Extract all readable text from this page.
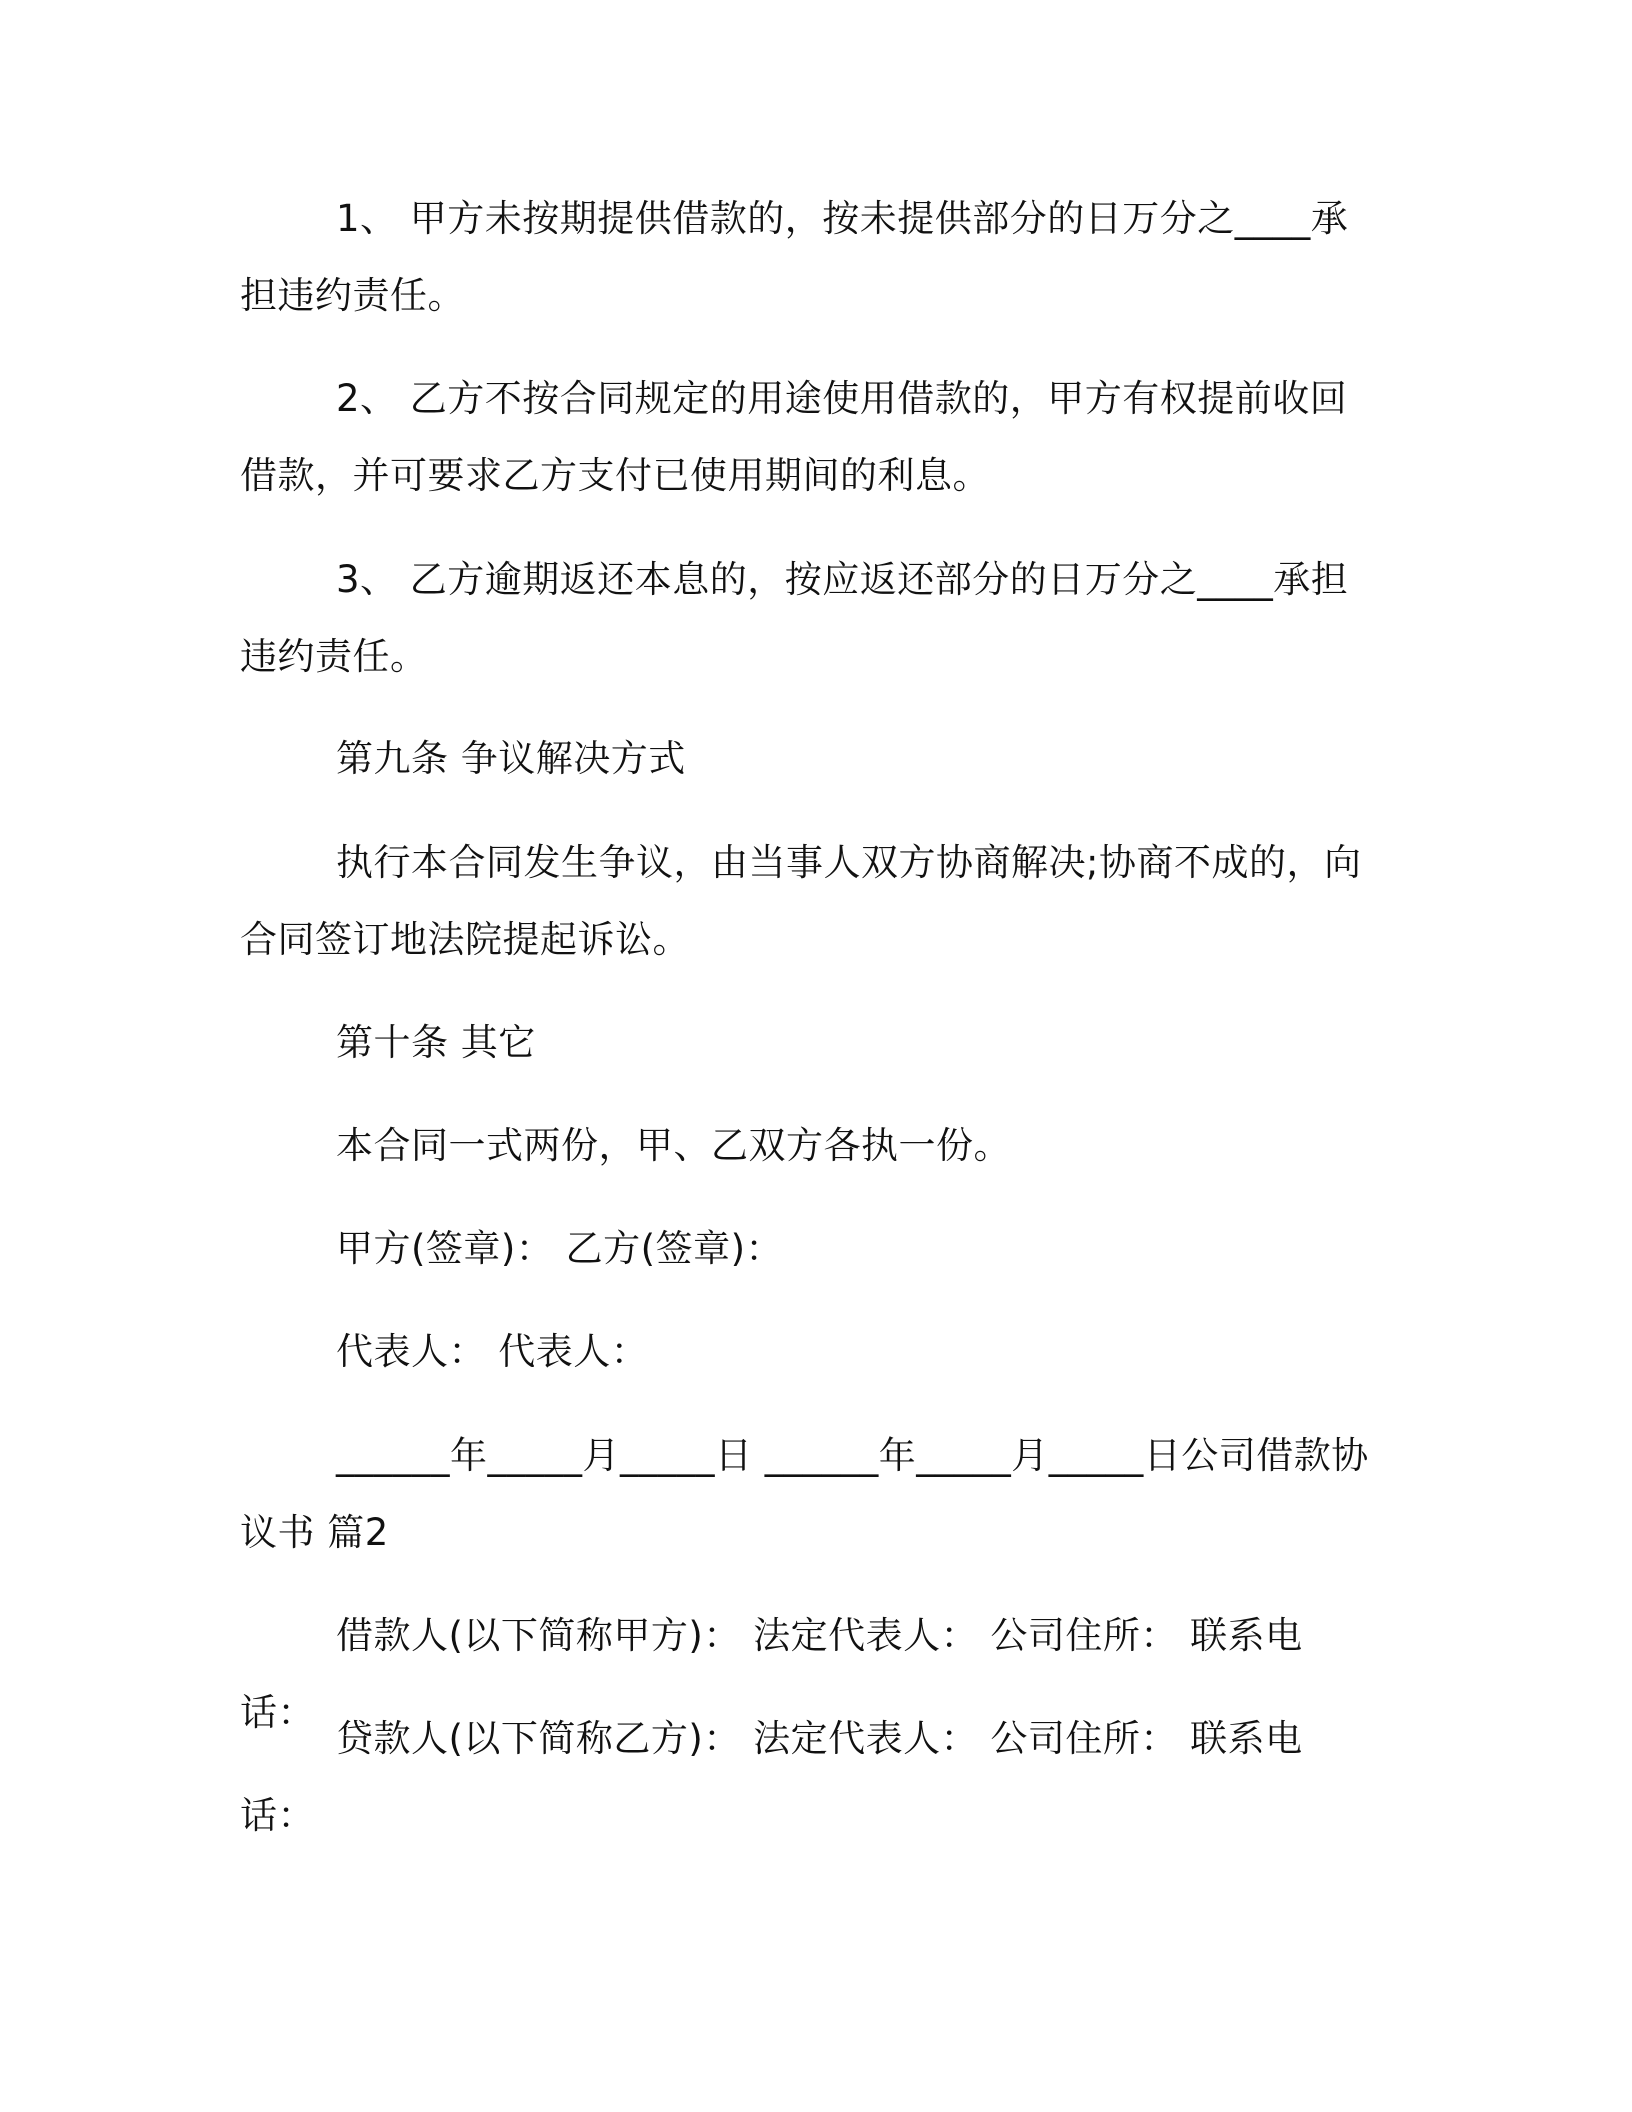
1、 甲方未按期提供借款的，按未提供部分的日万分之____承担违约责任。

2、 乙方不按合同规定的用途使用借款的，甲方有权提前收回借款，并可要求乙方支付已使用期间的利息。

3、 乙方逾期返还本息的，按应返还部分的日万分之____承担违约责任。

第九条 争议解决方式

执行本合同发生争议，由当事人双方协商解决;协商不成的，向合同签订地法院提起诉讼。

第十条 其它

本合同一式两份，甲、乙双方各执一份。

甲方(签章)： 乙方(签章)：

代表人： 代表人：

______年_____月_____日 ______年_____月_____日公司借款协议书 篇2

借款人(以下简称甲方)： 法定代表人： 公司住所： 联系电话：

贷款人(以下简称乙方)： 法定代表人： 公司住所： 联系电话：
